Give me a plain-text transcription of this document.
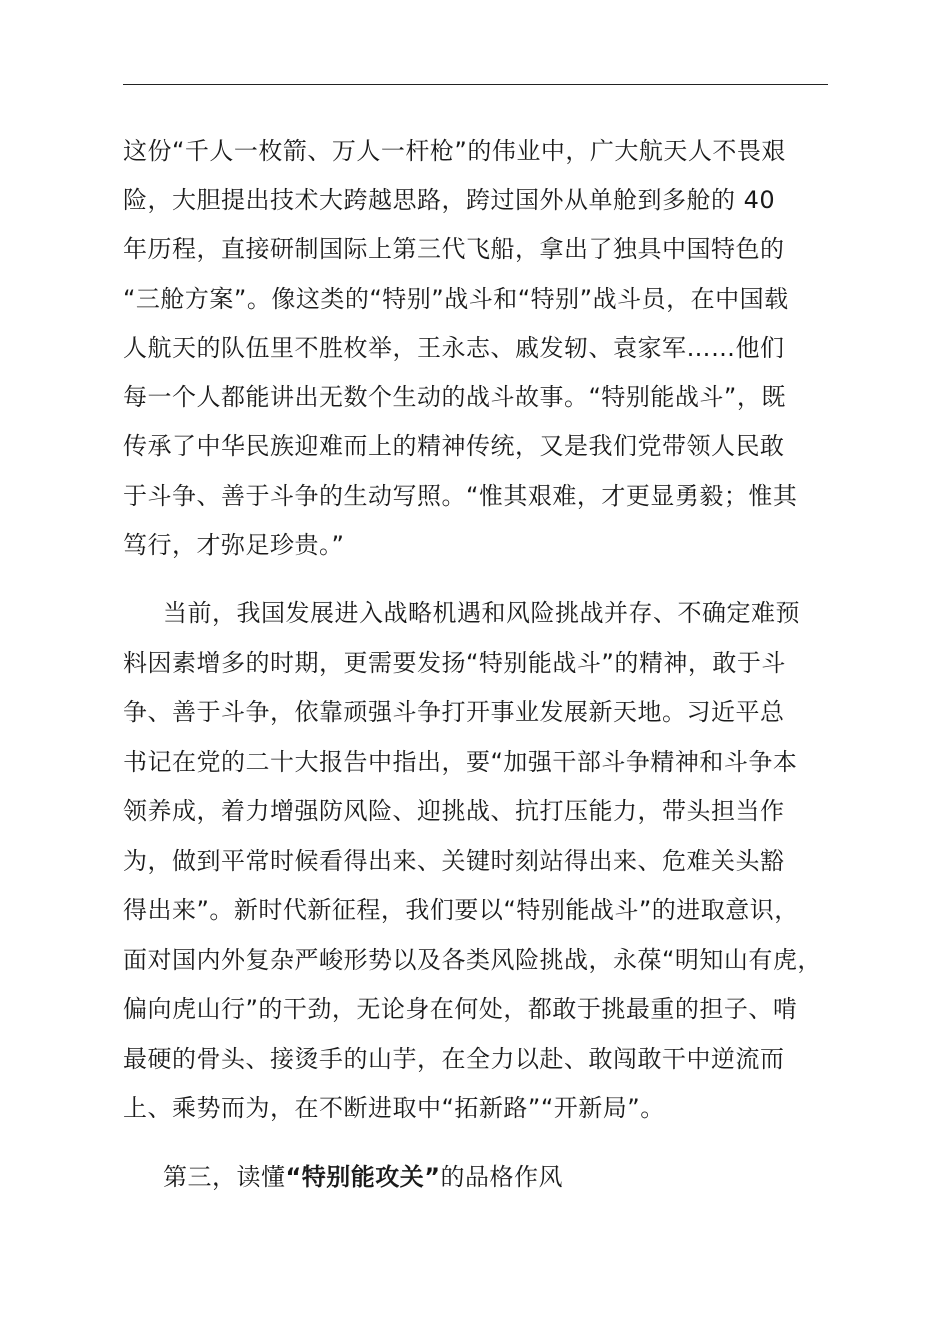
这份“千人一枚箭、万人一杆枪”的伟业中，广大航天人不畏艰
险，大胆提出技术大跨越思路，跨过国外从单舱到多舱的 40
年历程，直接研制国际上第三代飞船，拿出了独具中国特色的
“三舱方案”。像这类的“特别”战斗和“特别”战斗员，在中国载
人航天的队伍里不胜枚举，王永志、戚发轫、袁家军……他们
每一个人都能讲出无数个生动的战斗故事。“特别能战斗”，既
传承了中华民族迎难而上的精神传统，又是我们党带领人民敢
于斗争、善于斗争的生动写照。“惟其艰难，才更显勇毅；惟其
笃行，才弥足珍贵。”
当前，我国发展进入战略机遇和风险挑战并存、不确定难预
料因素增多的时期，更需要发扬“特别能战斗”的精神，敢于斗
争、善于斗争，依靠顽强斗争打开事业发展新天地。习近平总
书记在党的二十大报告中指出，要“加强干部斗争精神和斗争本
领养成，着力增强防风险、迎挑战、抗打压能力，带头担当作
为，做到平常时候看得出来、关键时刻站得出来、危难关头豁
得出来”。新时代新征程，我们要以“特别能战斗”的进取意识，
面对国内外复杂严峻形势以及各类风险挑战，永葆“明知山有虎，
偏向虎山行”的干劲，无论身在何处，都敢于挑最重的担子、啃
最硬的骨头、接烫手的山芋，在全力以赴、敢闯敢干中逆流而
上、乘势而为，在不断进取中“拓新路”“开新局”。
第三，读懂“特别能攻关”的品格作风
